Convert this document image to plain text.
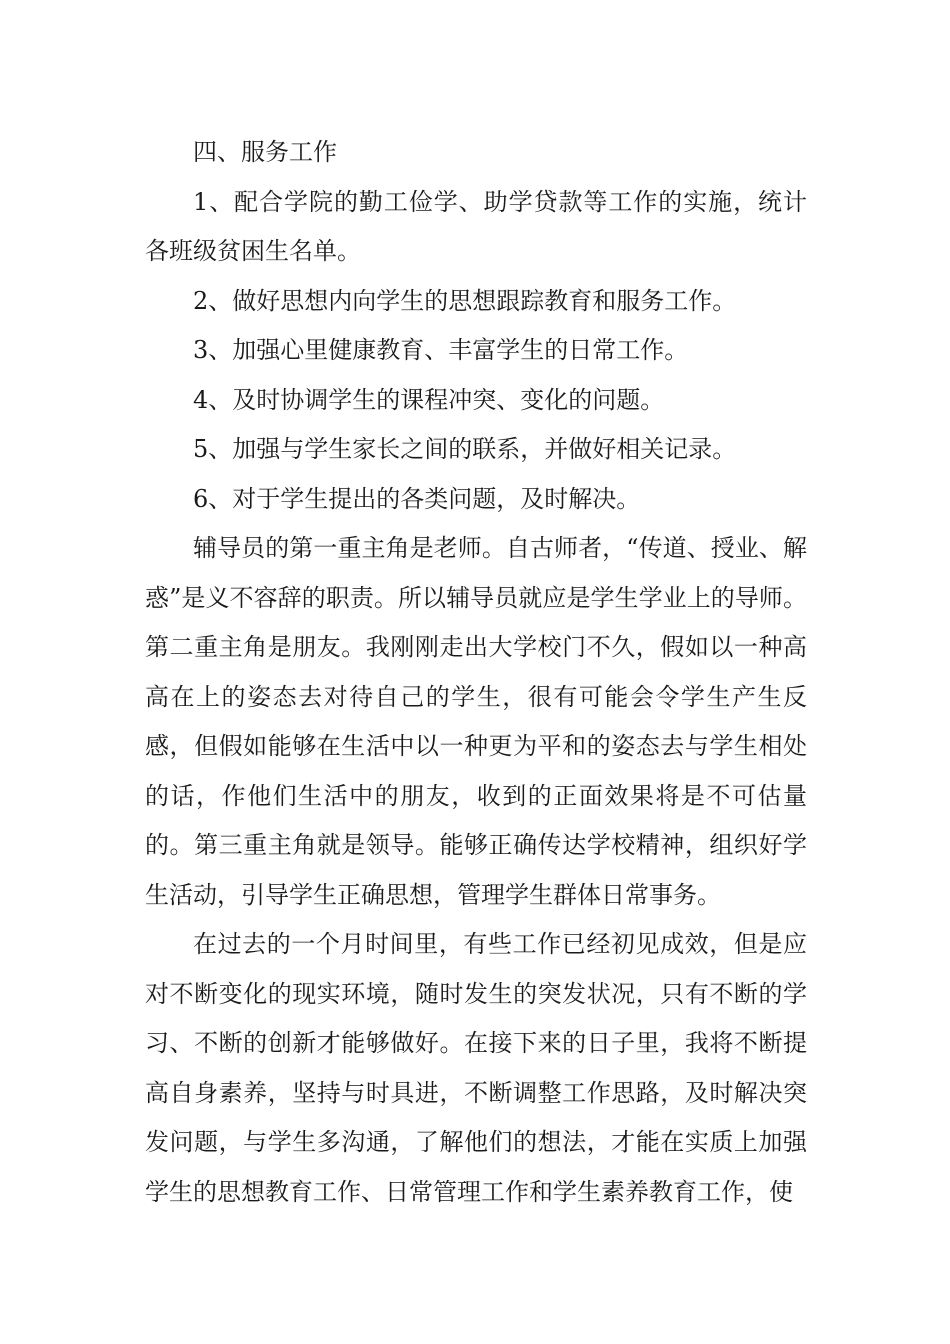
四、服务工作

1、配合学院的勤工俭学、助学贷款等工作的实施，统计各班级贫困生名单。

2、做好思想内向学生的思想跟踪教育和服务工作。

3、加强心里健康教育、丰富学生的日常工作。

4、及时协调学生的课程冲突、变化的问题。

5、加强与学生家长之间的联系，并做好相关记录。

6、对于学生提出的各类问题，及时解决。

辅导员的第一重主角是老师。自古师者，“传道、授业、解惑”是义不容辞的职责。所以辅导员就应是学生学业上的导师。第二重主角是朋友。我刚刚走出大学校门不久，假如以一种高高在上的姿态去对待自己的学生，很有可能会令学生产生反感，但假如能够在生活中以一种更为平和的姿态去与学生相处的话，作他们生活中的朋友，收到的正面效果将是不可估量的。第三重主角就是领导。能够正确传达学校精神，组织好学生活动，引导学生正确思想，管理学生群体日常事务。

在过去的一个月时间里，有些工作已经初见成效，但是应对不断变化的现实环境，随时发生的突发状况，只有不断的学习、不断的创新才能够做好。在接下来的日子里，我将不断提高自身素养，坚持与时具进，不断调整工作思路，及时解决突发问题，与学生多沟通，了解他们的想法，才能在实质上加强学生的思想教育工作、日常管理工作和学生素养教育工作，使
